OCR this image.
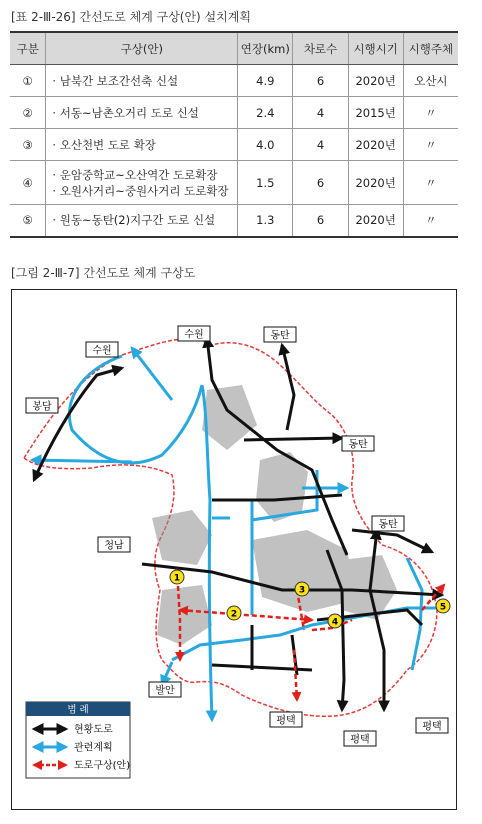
[표 2-Ⅲ-26] 간선도로 체계 구상(안) 설치계획
구분	구상(안)	연장(km)	차로수	시행시기	시행주체
①	· 남북간 보조간선축 신설	4.9	6	2020년	오산시
②	· 서동~남촌오거리 도로 신설	2.4	4	2015년	〃
③	· 오산천변 도로 확장	4.0	4	2020년	〃
④	· 운암중학교~오산역간 도로확장
· 오원사거리~중원사거리 도로확장	1.5	6	2020년	〃
⑤	· 원동~동탄(2)지구간 도로 신설	1.3	6	2020년	〃
[그림 2-Ⅲ-7] 간선도로 체계 구상도
수원
수원
동탄
봉담
동탄
동탄
청남
발안
평택
평택
평택
1
2
3
4
5
범 례
현황도로
관련계획
도로구상(안)
